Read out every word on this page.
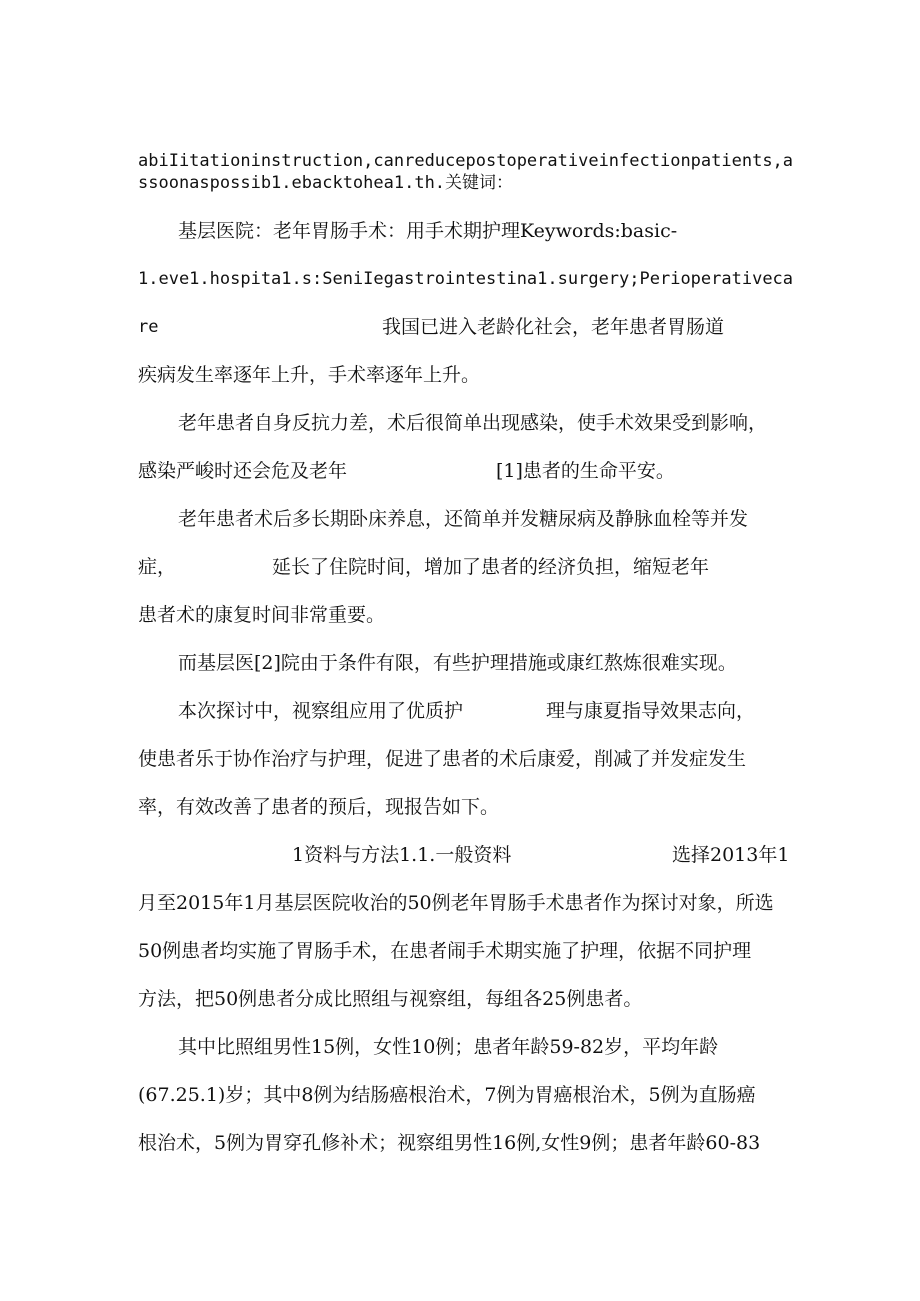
abiIitationinstruction,canreducepostoperativeinfectionpatients,a
ssoonaspossib1.ebacktohea1.th.关键词：
基层医院：老年胃肠手术：用手术期护理Keywords:basic-
1.eve1.hospita1.s:SeniIegastrointestina1.surgery;Perioperativeca
re	我国已进入老龄化社会，老年患者胃肠道
疾病发生率逐年上升，手术率逐年上升。
老年患者自身反抗力差，术后很简单出现感染，使手术效果受到影响，
感染严峻时还会危及老年	[1]患者的生命平安。
老年患者术后多长期卧床养息，还简单并发糖尿病及静脉血栓等并发
症，	延长了住院时间，增加了患者的经济负担，缩短老年
患者术的康复时间非常重要。
而基层医[2]院由于条件有限，有些护理措施或康红熬炼很难实现。
本次探讨中，视察组应用了优质护	理与康夏指导效果志向，
使患者乐于协作治疗与护理，促进了患者的术后康爱，削减了并发症发生
率，有效改善了患者的预后，现报告如下。
1资料与方法1.1.一般资料	选择2013年1
月至2015年1月基层医院收治的50例老年胃肠手术患者作为探讨对象，所选
50例患者均实施了胃肠手术，在患者闹手术期实施了护理，依据不同护理
方法，把50例患者分成比照组与视察组，每组各25例患者。
其中比照组男性15例，女性10例；患者年龄59-82岁，平均年龄
(67.25.1)岁；其中8例为结肠癌根治术，7例为胃癌根治术，5例为直肠癌
根治术，5例为胃穿孔修补术；视察组男性16例,女性9例；患者年龄60-83
